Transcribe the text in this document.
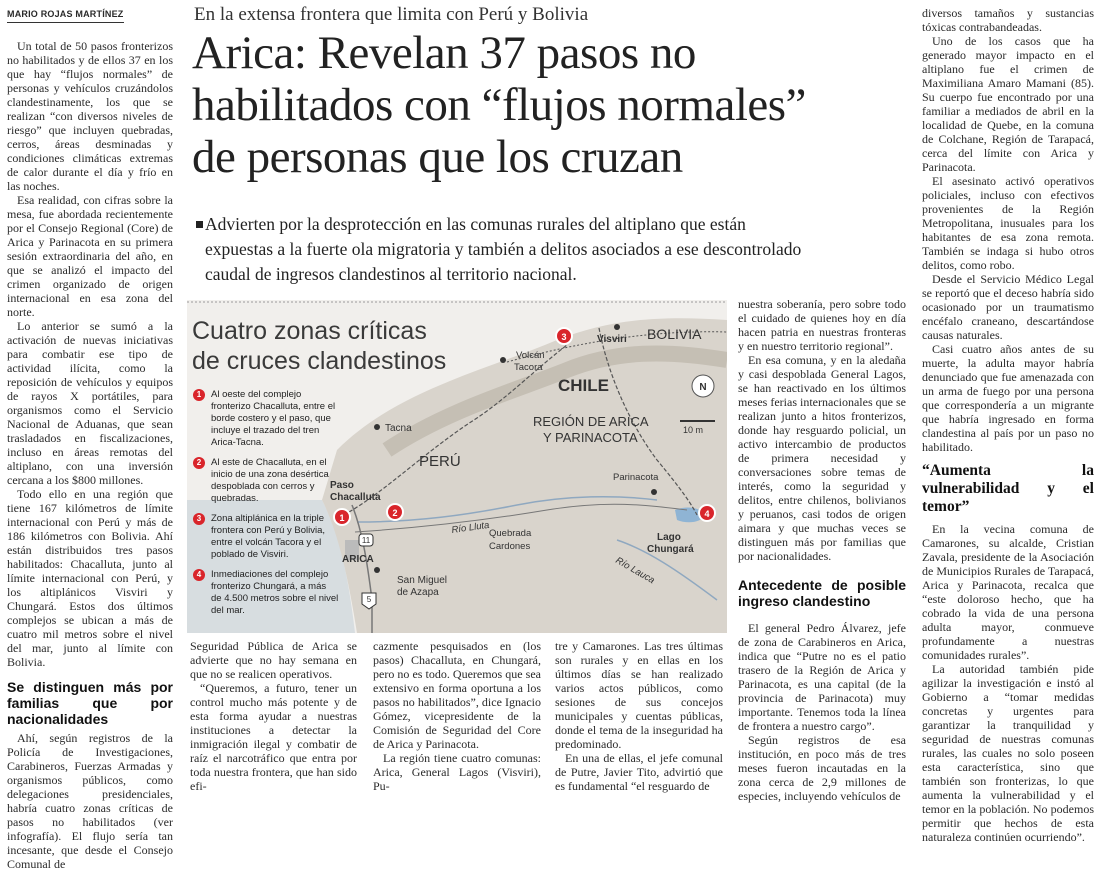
MARIO ROJAS MARTÍNEZ

Un total de 50 pasos fronterizos no habilitados y de ellos 37 en los que hay “flujos normales” de personas y vehículos cruzándolos clandestinamente, los que se realizan “con diversos niveles de riesgo” que incluyen quebradas, cerros, áreas desminadas y condiciones climáticas extremas de calor durante el día y frío en las noches.

Esa realidad, con cifras sobre la mesa, fue abordada recientemente por el Consejo Regional (Core) de Arica y Parinacota en su primera sesión extraordinaria del año, en que se analizó el impacto del crimen organizado de origen internacional en esa zona del norte.

Lo anterior se sumó a la activación de nuevas iniciativas para combatir ese tipo de actividad ilícita, como la reposición de vehículos y equipos de rayos X portátiles, para organismos como el Servicio Nacional de Aduanas, que sean trasladados en fiscalizaciones, incluso en áreas remotas del altiplano, con una inversión cercana a los $800 millones.

Todo ello en una región que tiene 167 kilómetros de límite internacional con Perú y más de 186 kilómetros con Bolivia. Ahí están distribuidos tres pasos habilitados: Chacalluta, junto al límite internacional con Perú, y los altiplánicos Visviri y Chungará. Estos dos últimos complejos se ubican a más de cuatro mil metros sobre el nivel del mar, junto al límite con Bolivia.

Se distinguen más por familias que por nacionalidades

Ahí, según registros de la Policía de Investigaciones, Carabineros, Fuerzas Armadas y organismos públicos, como delegaciones presidenciales, habría cuatro zonas críticas de pasos no habilitados (ver infografía). El flujo sería tan incesante, que desde el Consejo Comunal de

En la extensa frontera que limita con Perú y Bolivia
Arica: Revelan 37 pasos no
habilitados con “flujos normales”
de personas que los cruzan
Advierten por la desprotección en las comunas rurales del altiplano que están
expuestas a la fuerte ola migratoria y también a delitos asociados a ese descontrolado
caudal de ingresos clandestinos al territorio nacional.
11
5
Tacna
PERÚ
BOLIVIA
CHILE
REGIÓN DE ARICA
Y PARINACOTA
Volcán
Tacora
Visviri
Paso
Chacalluta
ARICA
San Miguel
de Azapa
Río Lluta
Quebrada
Cardones
Parinacota
Lago
Chungará
Río Lauca
N
10 m
3
1	2	4
Cuatro zonas críticas
de cruces clandestinos
1	Al oeste del complejo fronterizo Chacalluta, entre el borde costero y el paso, que incluye el trazado del tren Arica-Tacna.
2	Al este de Chacalluta, en el inicio de una zona desértica despoblada con cerros y quebradas.
3	Zona altiplánica en la triple frontera con Perú y Bolivia, entre el volcán Tacora y el poblado de Visviri.
4	Inmediaciones del complejo fronterizo Chungará, a más de 4.500 metros sobre el nivel del mar.

Seguridad Pública de Arica se advierte que no hay semana en que no se realicen operativos.

“Queremos, a futuro, tener un control mucho más potente y de esta forma ayudar a nuestras instituciones a detectar la inmigración ilegal y combatir de raíz el narcotráfico que entra por toda nuestra frontera, que han sido efi-

cazmente pesquisados en (los pasos) Chacalluta, en Chungará, pero no es todo. Queremos que sea extensivo en forma oportuna a los pasos no habilitados”, dice Ignacio Gómez, vicepresidente de la Comisión de Seguridad del Core de Arica y Parinacota.

La región tiene cuatro comunas: Arica, General Lagos (Visviri), Pu-

tre y Camarones. Las tres últimas son rurales y en ellas en los últimos días se han realizado varios actos públicos, como sesiones de sus concejos municipales y cuentas públicas, donde el tema de la inseguridad ha predominado.

En una de ellas, el jefe comunal de Putre, Javier Tito, advirtió que es fundamental “el resguardo de

nuestra soberanía, pero sobre todo el cuidado de quienes hoy en día hacen patria en nuestras fronteras y en nuestro territorio regional”.

En esa comuna, y en la aledaña y casi despoblada General Lagos, se han reactivado en los últimos meses ferias internacionales que se realizan junto a hitos fronterizos, donde hay resguardo policial, un activo intercambio de productos de primera necesidad y conversaciones sobre temas de interés, como la seguridad y delitos, entre chilenos, bolivianos y peruanos, casi todos de origen aimara y que muchas veces se distinguen más por familias que por nacionalidades.

Antecedente de posible ingreso clandestino

El general Pedro Álvarez, jefe de zona de Carabineros en Arica, indica que “Putre no es el patio trasero de la Región de Arica y Parinacota, es una capital (de la provincia de Parinacota) muy importante. Tenemos toda la línea de frontera a nuestro cargo”.

Según registros de esa institución, en poco más de tres meses fueron incautadas en la zona cerca de 2,9 millones de especies, incluyendo vehículos de

diversos tamaños y sustancias tóxicas contrabandeadas.

Uno de los casos que ha generado mayor impacto en el altiplano fue el crimen de Maximiliana Amaro Mamani (85). Su cuerpo fue encontrado por una familiar a mediados de abril en la localidad de Quebe, en la comuna de Colchane, Región de Tarapacá, cerca del límite con Arica y Parinacota.

El asesinato activó operativos policiales, incluso con efectivos provenientes de la Región Metropolitana, inusuales para los habitantes de esa zona remota. También se indaga si hubo otros delitos, como robo.

Desde el Servicio Médico Legal se reportó que el deceso habría sido ocasionado por un traumatismo encéfalo craneano, descartándose causas naturales.

Casi cuatro años antes de su muerte, la adulta mayor habría denunciado que fue amenazada con un arma de fuego por una persona que correspondería a un migrante que habría ingresado en forma clandestina al país por un paso no habilitado.

“Aumenta la vulnerabilidad y el temor”

En la vecina comuna de Camarones, su alcalde, Cristian Zavala, presidente de la Asociación de Municipios Rurales de Tarapacá, Arica y Parinacota, recalca que “este doloroso hecho, que ha cobrado la vida de una persona adulta mayor, conmueve profundamente a nuestras comunidades rurales”.

La autoridad también pide agilizar la investigación e instó al Gobierno a “tomar medidas concretas y urgentes para garantizar la tranquilidad y seguridad de nuestras comunas rurales, las cuales no solo poseen esta característica, sino que también son fronterizas, lo que aumenta la vulnerabilidad y el temor en la población. No podemos permitir que hechos de esta naturaleza continúen ocurriendo”.
